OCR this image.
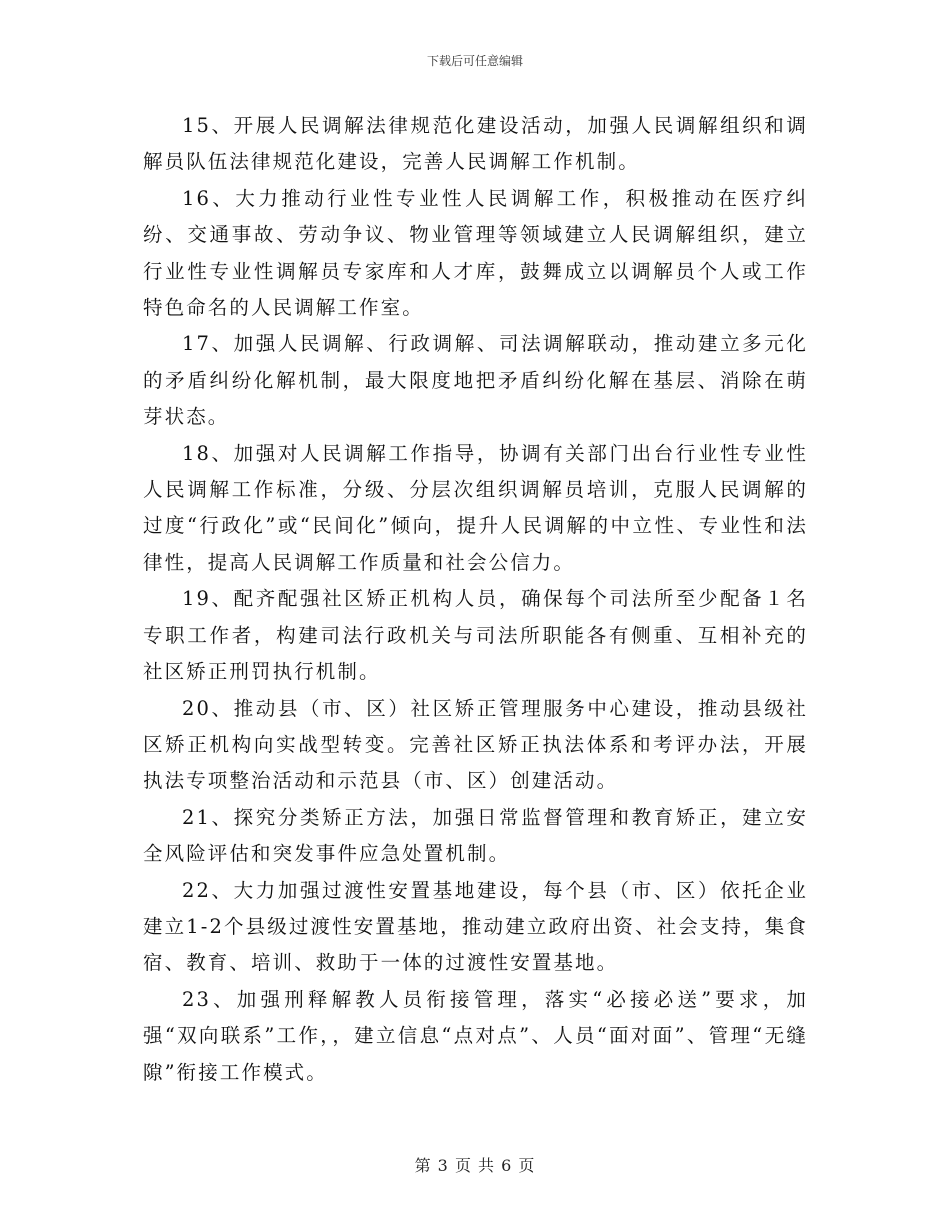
下载后可任意编辑

15、开展人民调解法律规范化建设活动，加强人民调解组织和调解员队伍法律规范化建设，完善人民调解工作机制。

16、大力推动行业性专业性人民调解工作，积极推动在医疗纠纷、交通事故、劳动争议、物业管理等领域建立人民调解组织，建立行业性专业性调解员专家库和人才库，鼓舞成立以调解员个人或工作特色命名的人民调解工作室。

17、加强人民调解、行政调解、司法调解联动，推动建立多元化的矛盾纠纷化解机制，最大限度地把矛盾纠纷化解在基层、消除在萌芽状态。

18、加强对人民调解工作指导，协调有关部门出台行业性专业性人民调解工作标准，分级、分层次组织调解员培训，克服人民调解的过度“行政化”或“民间化”倾向，提升人民调解的中立性、专业性和法律性，提高人民调解工作质量和社会公信力。

19、配齐配强社区矫正机构人员，确保每个司法所至少配备１名专职工作者，构建司法行政机关与司法所职能各有侧重、互相补充的社区矫正刑罚执行机制。

20、推动县（市、区）社区矫正管理服务中心建设，推动县级社区矫正机构向实战型转变。完善社区矫正执法体系和考评办法，开展执法专项整治活动和示范县（市、区）创建活动。

21、探究分类矫正方法，加强日常监督管理和教育矫正，建立安全风险评估和突发事件应急处置机制。

22、大力加强过渡性安置基地建设，每个县（市、区）依托企业建立1-2个县级过渡性安置基地，推动建立政府出资、社会支持，集食宿、教育、培训、救助于一体的过渡性安置基地。

23、加强刑释解教人员衔接管理，落实“必接必送”要求，加强“双向联系”工作，，建立信息“点对点”、人员“面对面”、管理“无缝隙”衔接工作模式。

第 3 页 共 6 页
